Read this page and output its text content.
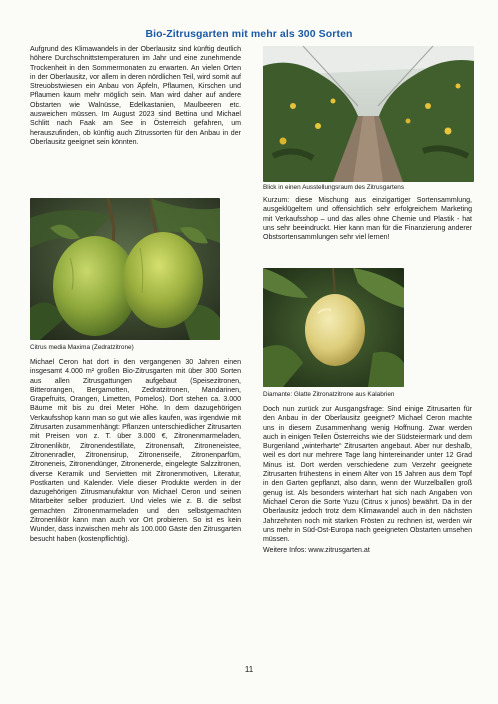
Bio-Zitrusgarten mit mehr als 300 Sorten

Aufgrund des Klimawandels in der Oberlausitz sind künftig deutlich höhere Durchschnittstemperaturen im Jahr und eine zunehmende Trockenheit in den Sommermonaten zu erwarten. An vielen Orten in der Oberlausitz, vor allem in deren nördlichen Teil, wird somit auf Streuobstwiesen ein Anbau von Äpfeln, Pflaumen, Kirschen und Pflaumen kaum mehr möglich sein. Man wird daher auf andere Obstarten wie Walnüsse, Edelkastanien, Maulbeeren etc. ausweichen müssen. Im August 2023 sind Bettina und Michael Schlitt nach Faak am See in Österreich gefahren, um herauszufinden, ob künftig auch Zitrussorten für den Anbau in der Oberlausitz geeignet sein könnten.

Citrus media Maxima (Zedratzitrone)

Michael Ceron hat dort in den vergangenen 30 Jahren einen insgesamt 4.000 m² großen Bio-Zitrusgarten mit über 300 Sorten aus allen Zitrusgattungen aufgebaut (Speisezitronen, Bitterorangen, Bergamotten, Zedratzitronen, Mandarinen, Grapefruits, Orangen, Limetten, Pomelos). Dort stehen ca. 3.000 Bäume mit bis zu drei Meter Höhe. In dem dazugehörigen Verkaufsshop kann man so gut wie alles kaufen, was irgendwie mit Zitrusarten zusammenhängt: Pflanzen unterschiedlicher Zitrusarten mit Preisen von z. T. über 3.000 €, Zitronenmarmeladen, Zitronenlikör, Zitronendestillate, Zitronensaft, Zitroneneistee, Zitronenradler, Zitronensirup, Zitronenseife, Zitronenparfüm, Zitroneneis, Zitronendünger, Zitronenerde, eingelegte Salzzitronen, diverse Keramik und Servietten mit Zitronenmotiven, Literatur, Postkarten und Kalender. Viele dieser Produkte werden in der dazugehörigen Zitrusmanufaktur von Michael Ceron und seinen Mitarbeiter selber produziert. Und vieles wie z. B. die selbst gemachten Zitronenmarmeladen und den selbstgemachten Zitronenlikör kann man auch vor Ort probieren. So ist es kein Wunder, dass inzwischen mehr als 100.000 Gäste den Zitrusgarten besucht haben (kostenpflichtig).

Blick in einen Ausstellungsraum des Zitrusgartens

Kurzum: diese Mischung aus einzigartiger Sortensammlung, ausgeklügeltem und offensichtlich sehr erfolgreichem Marketing mit Verkaufsshop – und das alles ohne Chemie und Plastik - hat uns sehr beeindruckt. Hier kann man für die Finanzierung anderer Obstsortensammlungen sehr viel lernen!

Diamante: Glatte Zitronatzitrone aus Kalabrien

Doch nun zurück zur Ausgangsfrage: Sind einige Zitrusarten für den Anbau in der Oberlausitz geeignet? Michael Ceron machte uns in diesem Zusammenhang wenig Hoffnung. Zwar werden auch in einigen Teilen Österreichs wie der Südsteiermark und dem Burgenland „winterharte“ Zitrusarten angebaut. Aber nur deshalb, weil es dort nur mehrere Tage lang hintereinander unter 12 Grad Minus ist. Dort werden verschiedene zum Verzehr geeignete Zitrusarten frühestens in einem Alter von 15 Jahren aus dem Topf in den Garten gepflanzt, also dann, wenn der Wurzelballen groß genug ist. Als besonders winterhart hat sich nach Angaben von Michael Ceron die Sorte Yuzu (Citrus x junos) bewährt. Da in der Oberlausitz jedoch trotz dem Klimawandel auch in den nächsten Jahrzehnten noch mit starken Frösten zu rechnen ist, werden wir uns mehr in Süd-Ost-Europa nach geeigneten Obstarten umsehen müssen.

Weitere Infos: www.zitrusgarten.at

11
